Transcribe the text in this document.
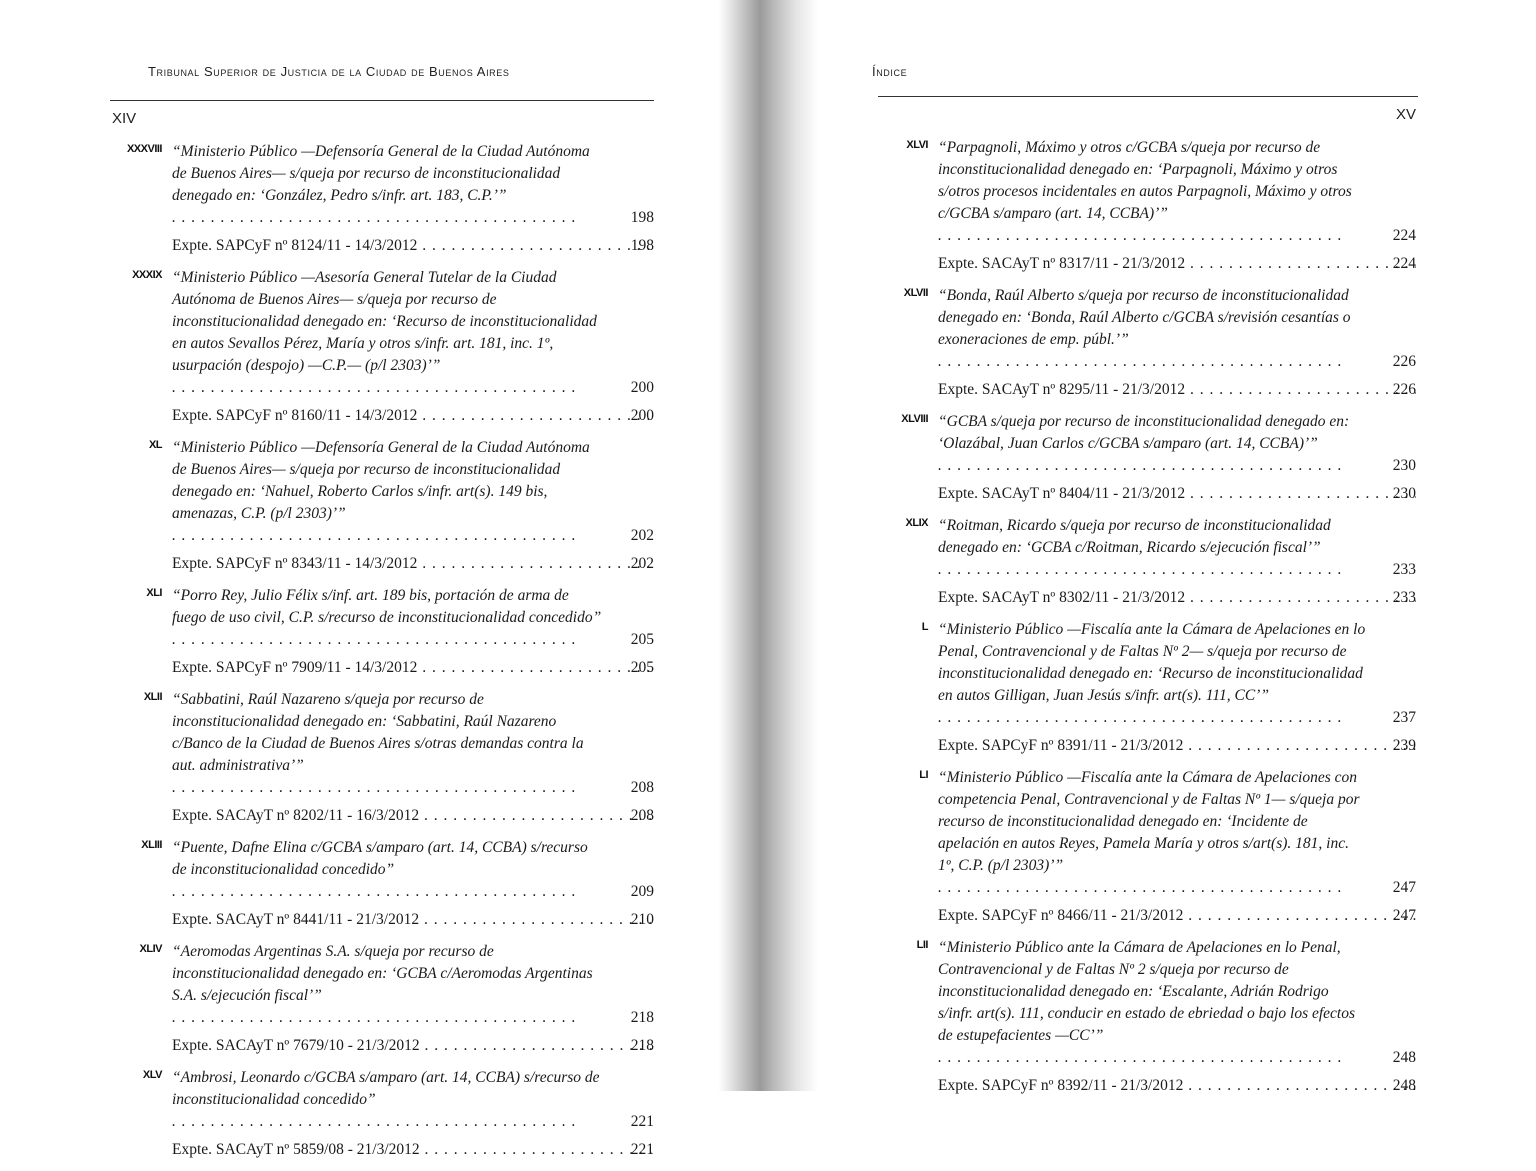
Tribunal Superior de Justicia de la Ciudad de Buenos Aires
XIV
XXXVIII “Ministerio Público —Defensoría General de la Ciudad Autónoma de Buenos Aires— s/queja por recurso de inconstitucionalidad denegado en: ‘González, Pedro s/infr. art. 183, C.P.’” . . .
198
Expte. SAPCyF nº 8124/11 - 14/3/2012 . . .	198
XXXIX “Ministerio Público —Asesoría General Tutelar de la Ciudad Autónoma de Buenos Aires— s/queja por recurso de inconstitucionalidad denegado en: ‘Recurso de inconstitucionalidad en autos Sevallos Pérez, María y otros s/infr. art. 181, inc. 1º, usurpación (despojo) —C.P.— (p/l 2303)’” . . .
200
Expte. SAPCyF nº 8160/11 - 14/3/2012 . . .	200
XL “Ministerio Público —Defensoría General de la Ciudad Autónoma de Buenos Aires— s/queja por recurso de inconstitucionalidad denegado en: ‘Nahuel, Roberto Carlos s/infr. art(s). 149 bis, amenazas, C.P. (p/l 2303)’” . . .
202
Expte. SAPCyF nº 8343/11 - 14/3/2012 . . .	202
XLI “Porro Rey, Julio Félix s/inf. art. 189 bis, portación de arma de fuego de uso civil, C.P. s/recurso de inconstitucionalidad concedido” . . .
205
Expte. SAPCyF nº 7909/11 - 14/3/2012 . . .	205
XLII “Sabbatini, Raúl Nazareno s/queja por recurso de inconstitucionalidad denegado en: ‘Sabbatini, Raúl Nazareno c/Banco de la Ciudad de Buenos Aires s/otras demandas contra la aut. administrativa’” . . .
208
Expte. SACAyT nº 8202/11 - 16/3/2012 . . .	208
XLIII “Puente, Dafne Elina c/GCBA s/amparo (art. 14, CCBA) s/recurso de inconstitucionalidad concedido” . . .
209
Expte. SACAyT nº 8441/11 - 21/3/2012 . . .	210
XLIV “Aeromodas Argentinas S.A. s/queja por recurso de inconstitucionalidad denegado en: ‘GCBA c/Aeromodas Argentinas S.A. s/ejecución fiscal’” . . .
218
Expte. SACAyT nº 7679/10 - 21/3/2012 . . .	218
XLV “Ambrosi, Leonardo c/GCBA s/amparo (art. 14, CCBA) s/recurso de inconstitucionalidad concedido” . . .
221
Expte. SACAyT nº 5859/08 - 21/3/2012 . . .	221
Índice
XV
XLVI “Parpagnoli, Máximo y otros c/GCBA s/queja por recurso de inconstitucionalidad denegado en: ‘Parpagnoli, Máximo y otros s/otros procesos incidentales en autos Parpagnoli, Máximo y otros c/GCBA s/amparo (art. 14, CCBA)’” . . .
224
Expte. SACAyT nº 8317/11 - 21/3/2012 . . .	224
XLVII “Bonda, Raúl Alberto s/queja por recurso de inconstitucionalidad denegado en: ‘Bonda, Raúl Alberto c/GCBA s/revisión cesantías o exoneraciones de emp. públ.’” . . .
226
Expte. SACAyT nº 8295/11 - 21/3/2012 . . .	226
XLVIII “GCBA s/queja por recurso de inconstitucionalidad denegado en: ‘Olazábal, Juan Carlos c/GCBA s/amparo (art. 14, CCBA)’” . . .
230
Expte. SACAyT nº 8404/11 - 21/3/2012 . . .	230
XLIX “Roitman, Ricardo s/queja por recurso de inconstitucionalidad denegado en: ‘GCBA c/Roitman, Ricardo s/ejecución fiscal’” . . .
233
Expte. SACAyT nº 8302/11 - 21/3/2012 . . .	233
L “Ministerio Público —Fiscalía ante la Cámara de Apelaciones en lo Penal, Contravencional y de Faltas Nº 2— s/queja por recurso de inconstitucionalidad denegado en: ‘Recurso de inconstitucionalidad en autos Gilligan, Juan Jesús s/infr. art(s). 111, CC’” . . .
237
Expte. SAPCyF nº 8391/11 - 21/3/2012 . . .	239
LI “Ministerio Público —Fiscalía ante la Cámara de Apelaciones con competencia Penal, Contravencional y de Faltas Nº 1— s/queja por recurso de inconstitucionalidad denegado en: ‘Incidente de apelación en autos Reyes, Pamela María y otros s/art(s). 181, inc. 1º, C.P. (p/l 2303)’” . . .
247
Expte. SAPCyF nº 8466/11 - 21/3/2012 . . .	247
LII “Ministerio Público ante la Cámara de Apelaciones en lo Penal, Contravencional y de Faltas Nº 2 s/queja por recurso de inconstitucionalidad denegado en: ‘Escalante, Adrián Rodrigo s/infr. art(s). 111, conducir en estado de ebriedad o bajo los efectos de estupefacientes —CC’” . . .
248
Expte. SAPCyF nº 8392/11 - 21/3/2012 . . .	248
